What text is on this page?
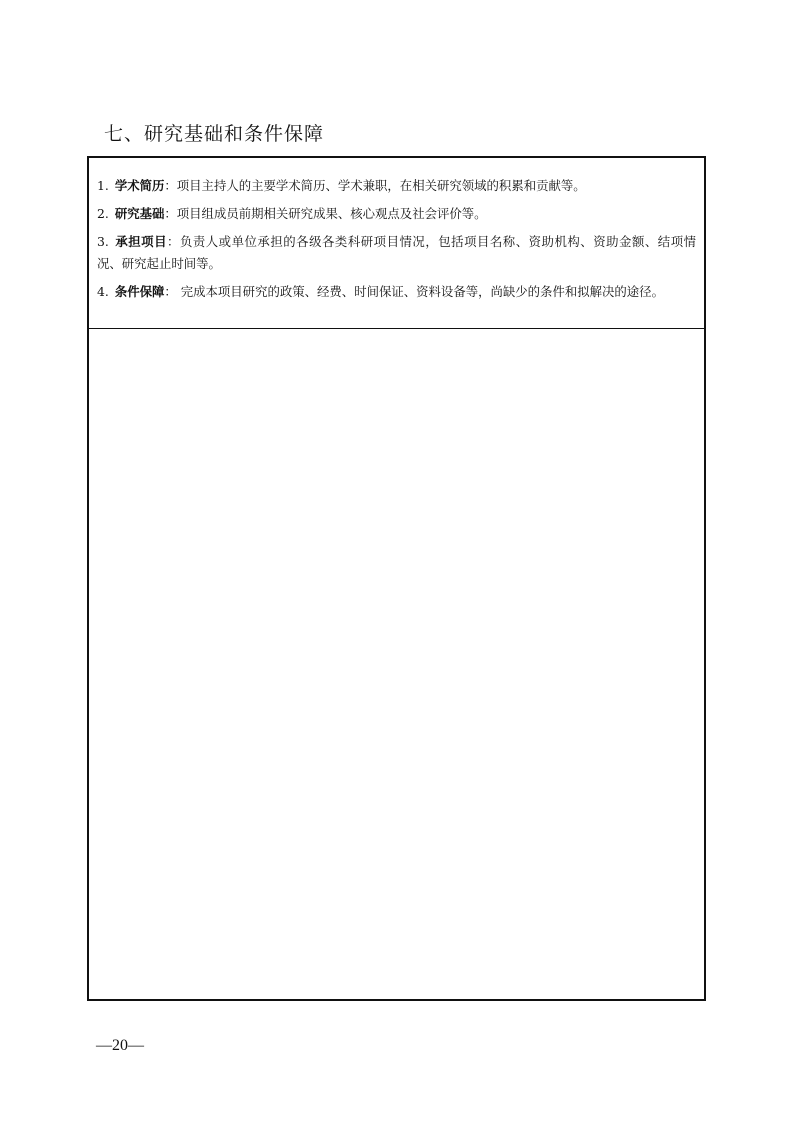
七、研究基础和条件保障

1. 学术简历：项目主持人的主要学术简历、学术兼职，在相关研究领域的积累和贡献等。

2. 研究基础：项目组成员前期相关研究成果、核心观点及社会评价等。

3. 承担项目：负责人或单位承担的各级各类科研项目情况，包括项目名称、资助机构、资助金额、结项情况、研究起止时间等。

4. 条件保障： 完成本项目研究的政策、经费、时间保证、资料设备等，尚缺少的条件和拟解决的途径。

—20—
